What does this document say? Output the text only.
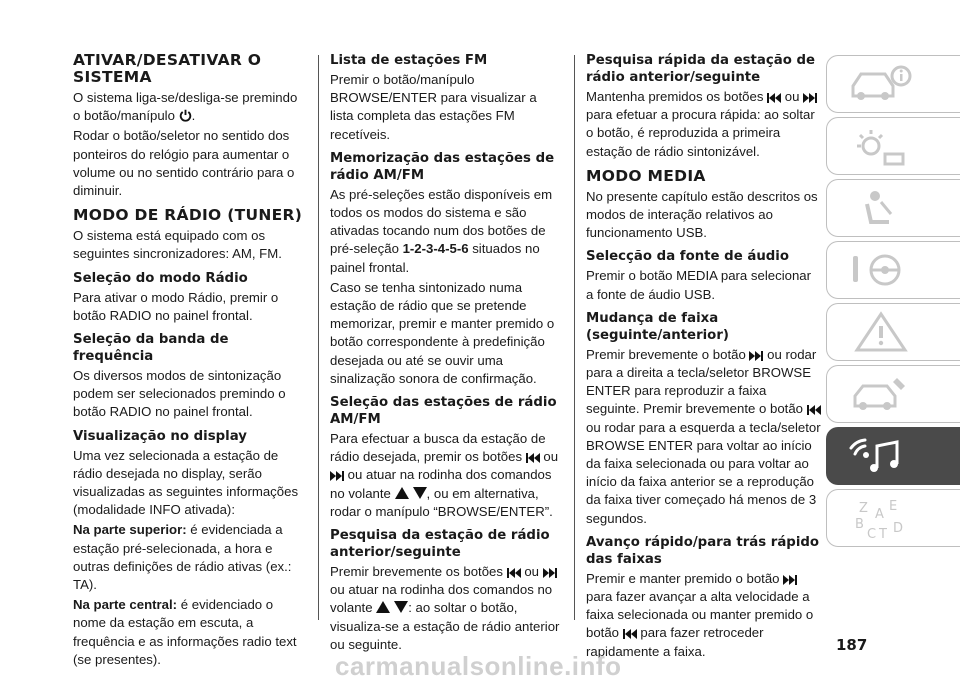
ATIVAR/DESATIVAR O SISTEMA
O sistema liga-se/desliga-se premindo o botão/manípulo .
Rodar o botão/seletor no sentido dos ponteiros do relógio para aumentar o volume ou no sentido contrário para o diminuir.
MODO DE RÁDIO (TUNER)
O sistema está equipado com os seguintes sincronizadores: AM, FM.
Seleção do modo Rádio
Para ativar o modo Rádio, premir o botão RADIO no painel frontal.
Seleção da banda de frequência
Os diversos modos de sintonização podem ser selecionados premindo o botão RADIO no painel frontal.
Visualização no display
Uma vez selecionada a estação de rádio desejada no display, serão visualizadas as seguintes informações (modalidade INFO ativada):
Na parte superior: é evidenciada a estação pré-selecionada, a hora e outras definições de rádio ativas (ex.: TA).
Na parte central: é evidenciado o nome da estação em escuta, a frequência e as informações radio text (se presentes).
Lista de estações FM
Premir o botão/manípulo BROWSE/ENTER para visualizar a lista completa das estações FM recetíveis.
Memorização das estações de rádio AM/FM
As pré-seleções estão disponíveis em todos os modos do sistema e são ativadas tocando num dos botões de pré-seleção 1-2-3-4-5-6 situados no painel frontal.
Caso se tenha sintonizado numa estação de rádio que se pretende memorizar, premir e manter premido o botão correspondente à predefinição desejada ou até se ouvir uma sinalização sonora de confirmação.
Seleção das estações de rádio AM/FM
Para efectuar a busca da estação de rádio desejada, premir os botões ou  ou atuar na rodinha dos comandos no volante	, ou em alternativa, rodar o manípulo “BROWSE/ENTER”.
Pesquisa da estação de rádio anterior/seguinte
Premir brevemente os botões ou  ou atuar na rodinha dos comandos no volante	: ao soltar o botão, visualiza-se a estação de rádio anterior ou seguinte.
Pesquisa rápida da estação de rádio anterior/seguinte
Mantenha premidos os botões ou  para efetuar a procura rápida: ao soltar o botão, é reproduzida a primeira estação de rádio sintonizável.
MODO MEDIA
No presente capítulo estão descritos os modos de interação relativos ao funcionamento USB.
Selecção da fonte de áudio
Premir o botão MEDIA para selecionar a fonte de áudio USB.
Mudança de faixa (seguinte/anterior)
Premir brevemente o botão ou rodar para a direita a tecla/seletor BROWSE ENTER para reproduzir a faixa seguinte. Premir brevemente o botão  ou rodar para a esquerda a tecla/seletor BROWSE ENTER para voltar ao início da faixa selecionada ou para voltar ao início da faixa anterior se a reprodução da faixa tiver começado há menos de 3 segundos.
Avanço rápido/para trás rápido das faixas
Premir e manter premido o botão  para fazer avançar a alta velocidade a faixa selecionada ou manter premido o botão para fazer retroceder rapidamente a faixa.
Z E
A
B
C D
T
187
carmanualsonline.info
